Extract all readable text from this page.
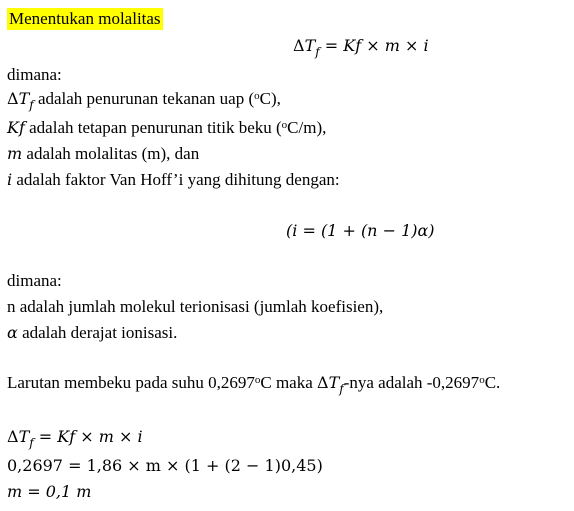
Menentukan molalitas
$\Delta T_f = Kf \times m \times i$
dimana:
$\Delta T_f$ adalah penurunan tekanan uap ($^o$C),
Kf adalah tetapan penurunan titik beku ($^o$C/m),
m adalah molalitas (m), dan
i adalah faktor Van Hoff’i yang dihitung dengan:
(i = (1 + (n − 1)α)
dimana:
n adalah jumlah molekul terionisasi (jumlah koefisien),
α adalah derajat ionisasi.
Larutan membeku pada suhu 0,2697$^o$C maka $\Delta T_f$-nya adalah -0,2697$^o$C.
$\Delta T_f = Kf \times m \times i$
0,2697 = 1,86 × m × (1 + (2 − 1)0,45)
m = 0,1 m
